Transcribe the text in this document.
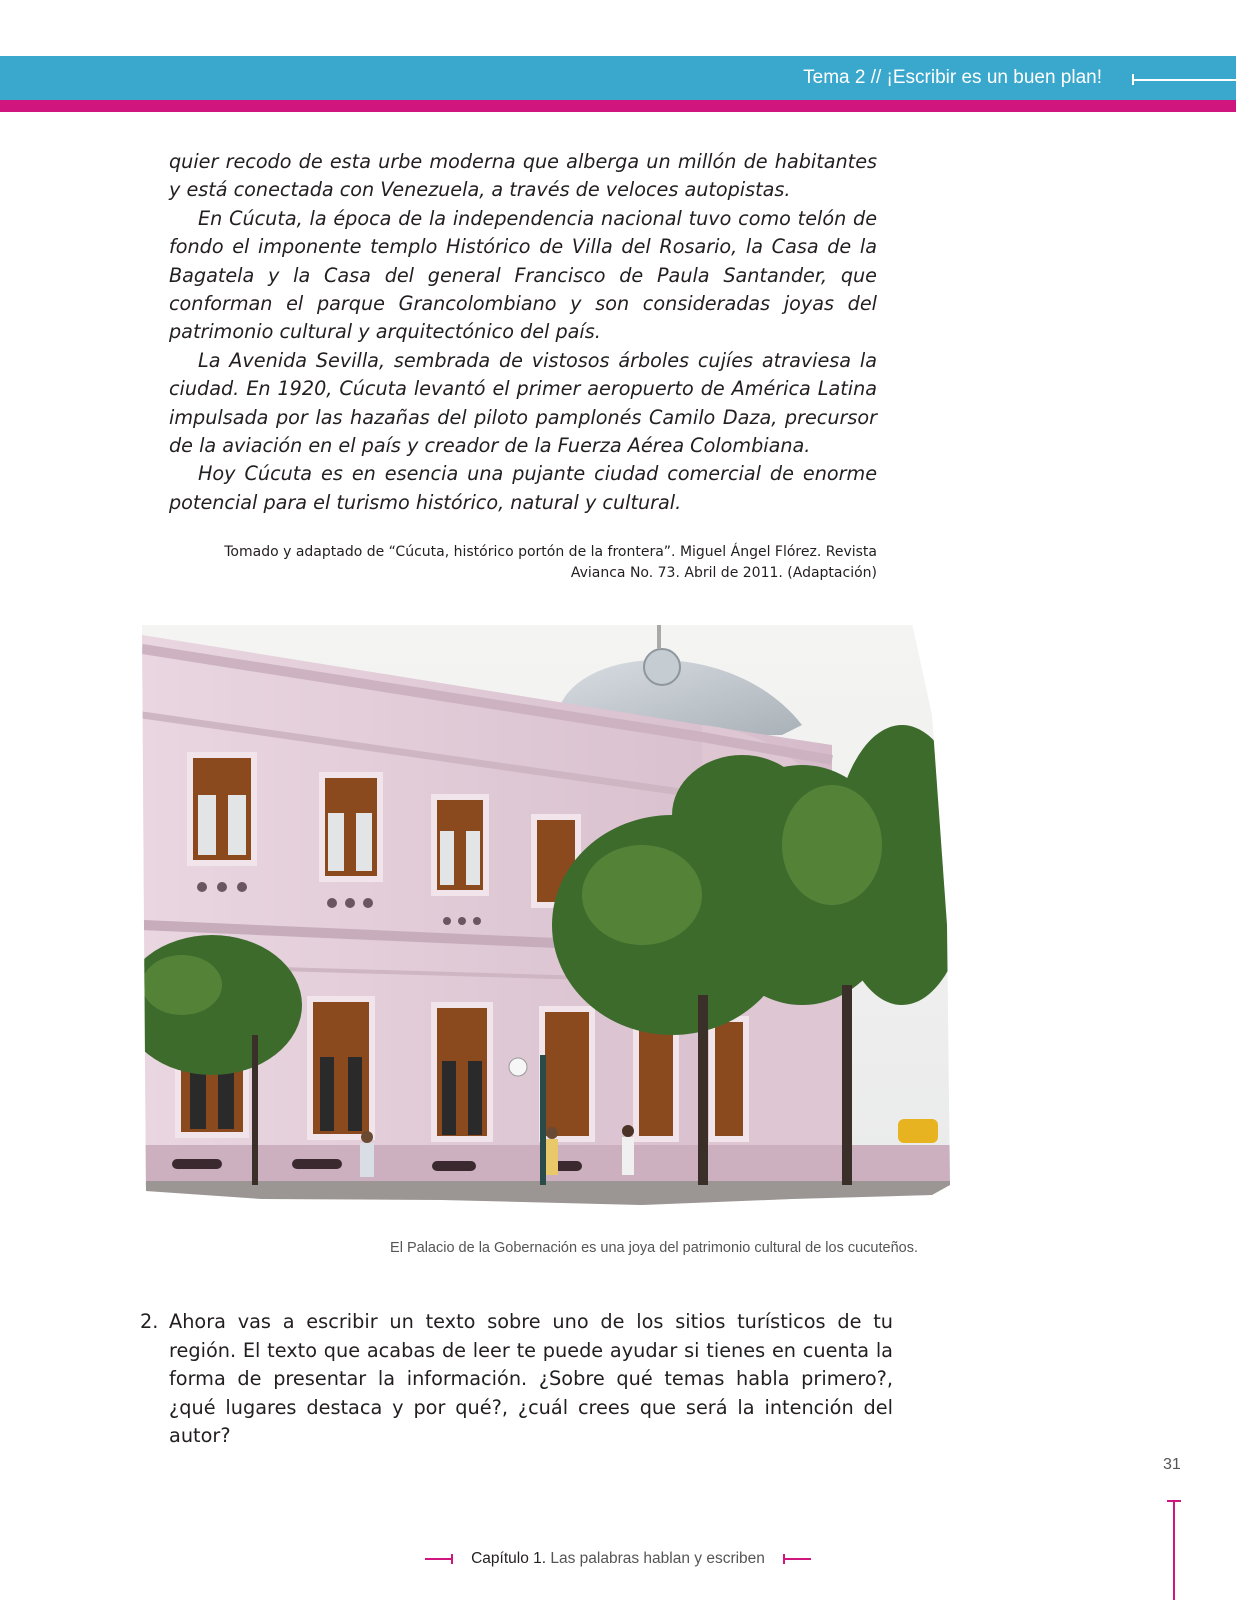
Tema 2 // ¡Escribir es un buen plan!

quier recodo de esta urbe moderna que alberga un millón de habitantes y está conectada con Venezuela, a través de veloces autopistas.

En Cúcuta, la época de la independencia nacional tuvo como telón de fondo el imponente templo Histórico de Villa del Rosario, la Casa de la Bagatela y la Casa del general Francisco de Paula Santander, que conforman el parque Grancolombiano y son consideradas joyas del patrimonio cultural y arquitectónico del país.

La Avenida Sevilla, sembrada de vistosos árboles cujíes atraviesa la ciudad. En 1920, Cúcuta levantó el primer aeropuerto de América Latina impulsada por las hazañas del piloto pamplonés Camilo Daza, precursor de la aviación en el país y creador de la Fuerza Aérea Colombiana.

Hoy Cúcuta es en esencia una pujante ciudad comercial de enorme potencial para el turismo histórico, natural y cultural.

Tomado y adaptado de “Cúcuta, histórico portón de la frontera”. Miguel Ángel Flórez. Revista
Avianca No. 73. Abril de 2011. (Adaptación)
El Palacio de la Gobernación es una joya del patrimonio cultural de los cucuteños.
2. Ahora vas a escribir un texto sobre uno de los sitios turísticos de tu región. El texto que acabas de leer te puede ayudar si tienes en cuenta la forma de presentar la información. ¿Sobre qué temas habla primero?, ¿qué lugares destaca y por qué?, ¿cuál crees que será la intención del autor?
31
Capítulo 1. Las palabras hablan y escriben
